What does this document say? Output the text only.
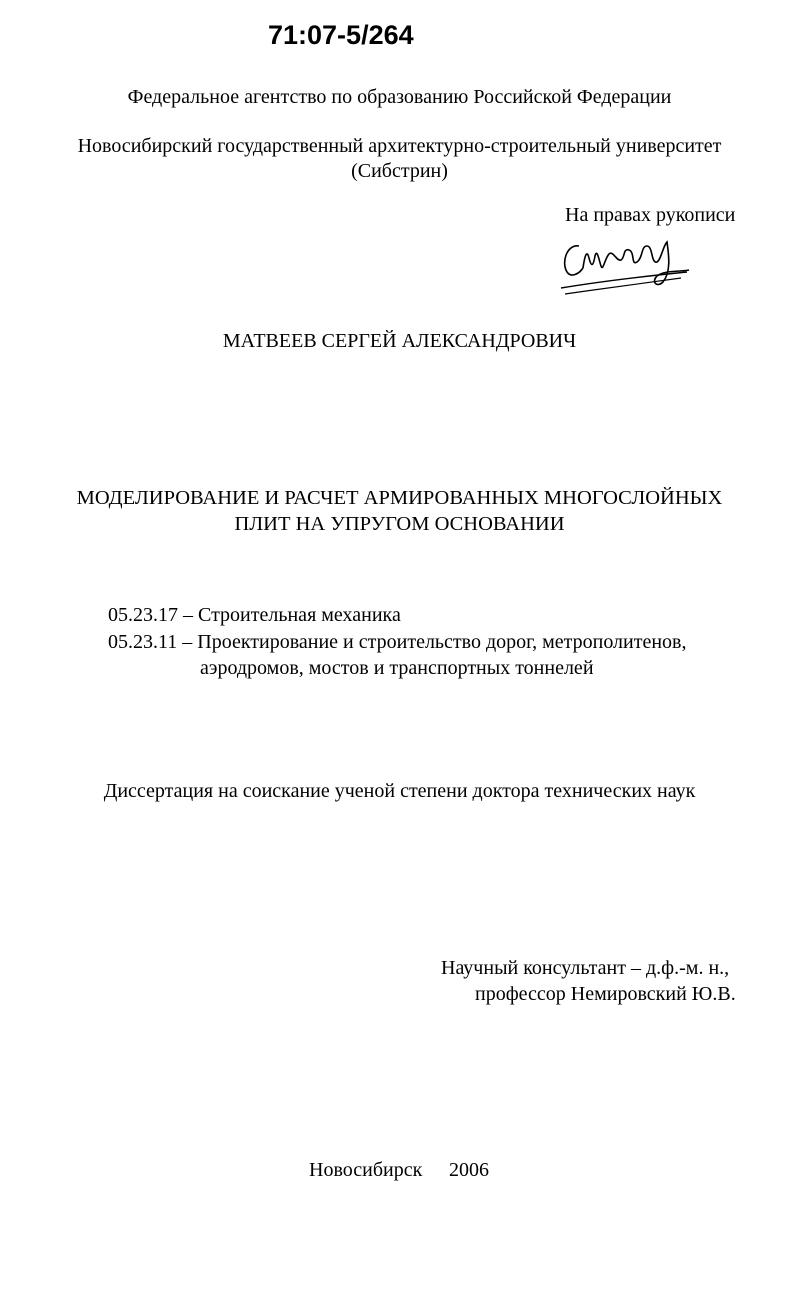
71:07-5/264
Федеральное агентство по образованию Российской Федерации
Новосибирский государственный архитектурно-строительный университет
(Сибстрин)
На правах рукописи
МАТВЕЕВ СЕРГЕЙ АЛЕКСАНДРОВИЧ
МОДЕЛИРОВАНИЕ И РАСЧЕТ АРМИРОВАННЫХ МНОГОСЛОЙНЫХ
ПЛИТ НА УПРУГОМ ОСНОВАНИИ
05.23.17 – Строительная механика
05.23.11 – Проектирование и строительство дорог, метрополитенов,
аэродромов, мостов и транспортных тоннелей
Диссертация на соискание ученой степени доктора технических наук
Научный консультант – д.ф.-м. н.,
профессор Немировский Ю.В.
Новосибирск 2006
